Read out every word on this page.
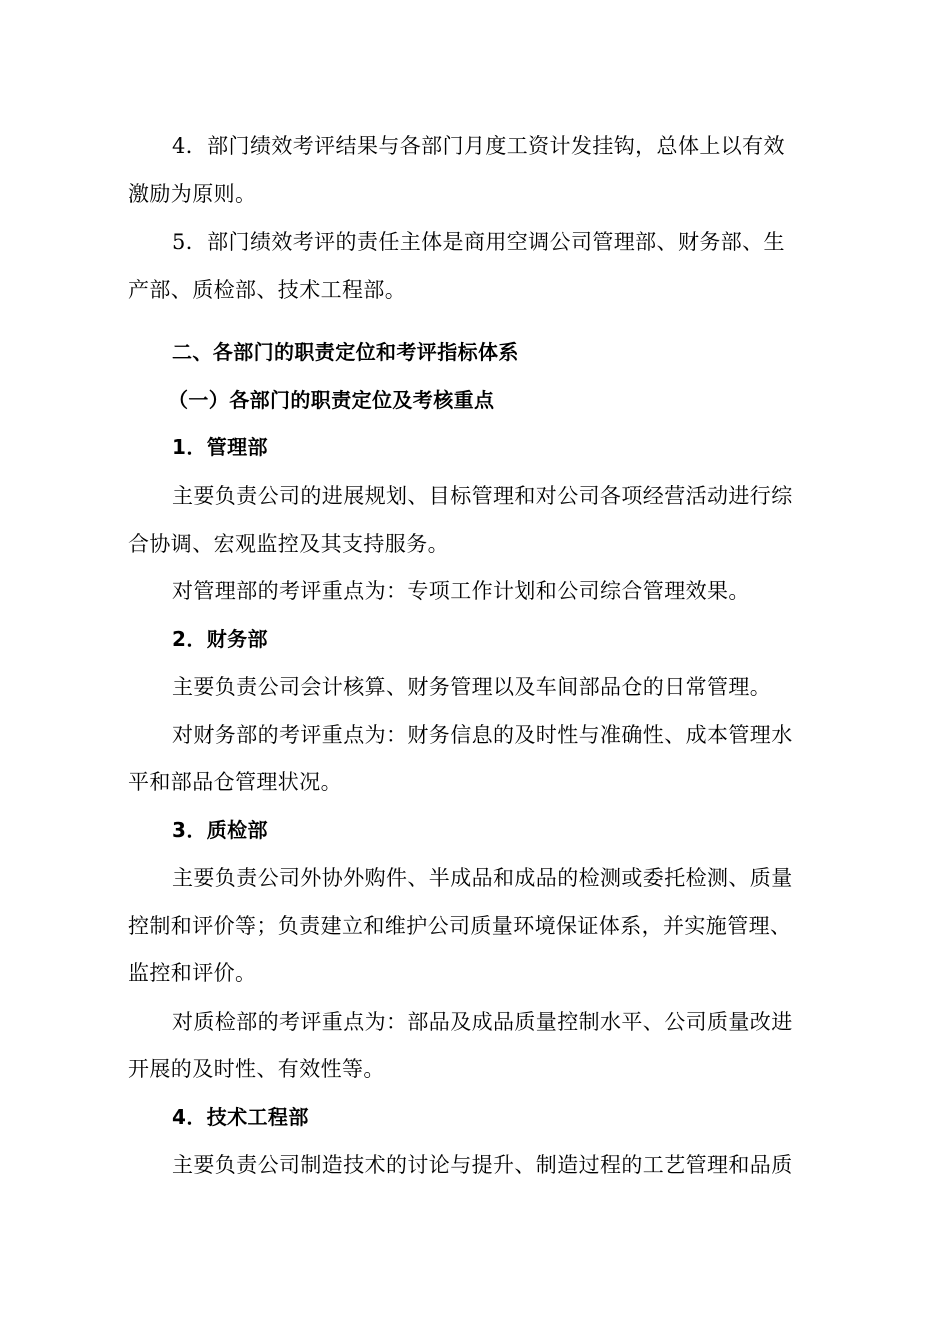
4．部门绩效考评结果与各部门月度工资计发挂钩，总体上以有效
激励为原则。
5．部门绩效考评的责任主体是商用空调公司管理部、财务部、生
产部、质检部、技术工程部。
二、各部门的职责定位和考评指标体系
（一）各部门的职责定位及考核重点
1．管理部
主要负责公司的进展规划、目标管理和对公司各项经营活动进行综
合协调、宏观监控及其支持服务。
对管理部的考评重点为：专项工作计划和公司综合管理效果。
2．财务部
主要负责公司会计核算、财务管理以及车间部品仓的日常管理。
对财务部的考评重点为：财务信息的及时性与准确性、成本管理水
平和部品仓管理状况。
3．质检部
主要负责公司外协外购件、半成品和成品的检测或委托检测、质量
控制和评价等；负责建立和维护公司质量环境保证体系，并实施管理、
监控和评价。
对质检部的考评重点为：部品及成品质量控制水平、公司质量改进
开展的及时性、有效性等。
4．技术工程部
主要负责公司制造技术的讨论与提升、制造过程的工艺管理和品质
